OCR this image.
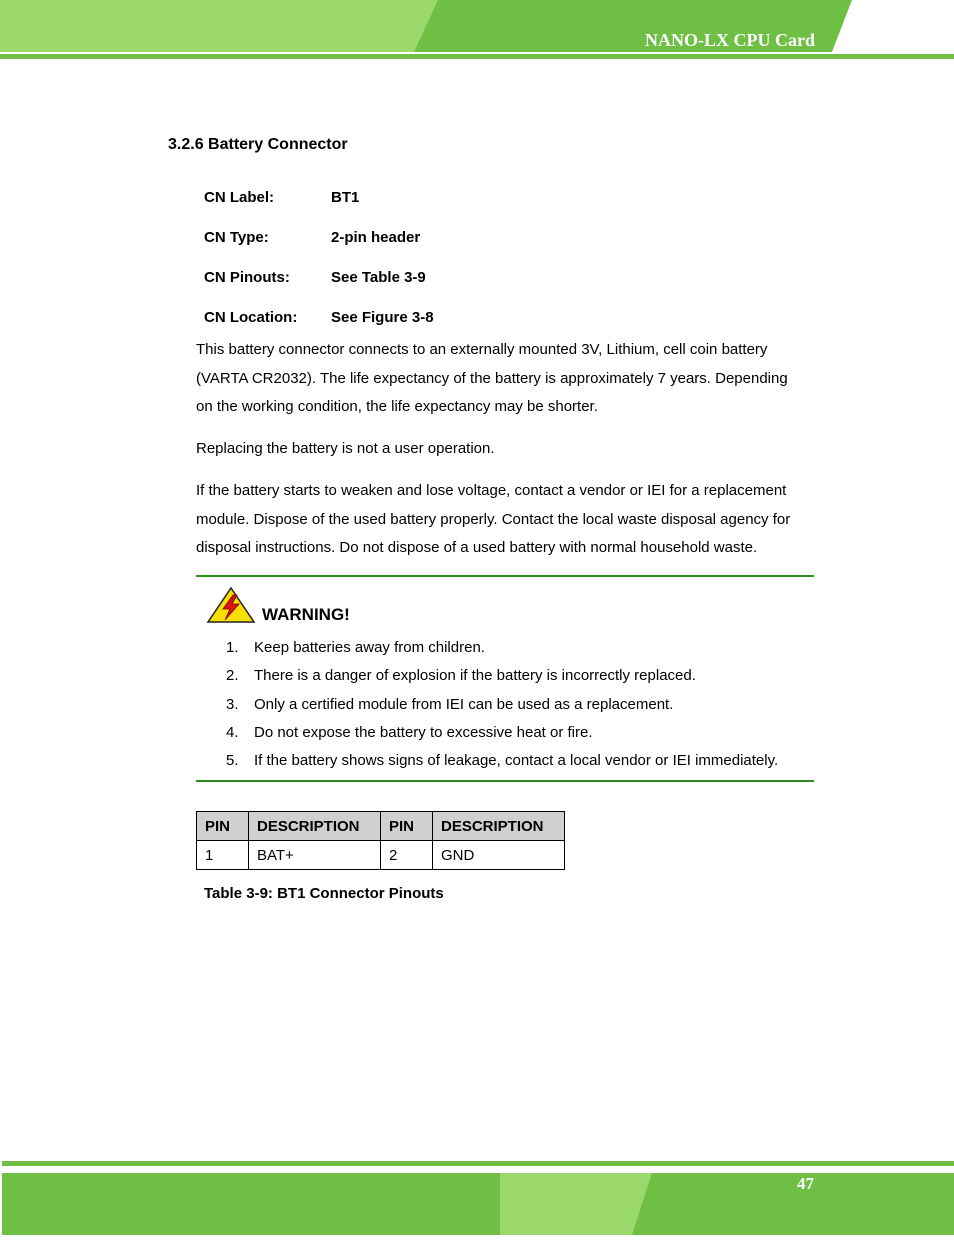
NANO-LX CPU Card
3.2.6 Battery Connector
CN Label:	BT1
CN Type:	2-pin header
CN Pinouts:	See Table 3-9
CN Location: See Figure 3-8
This battery connector connects to an externally mounted 3V, Lithium, cell coin battery
(VARTA CR2032). The life expectancy of the battery is approximately 7 years. Depending
on the working condition, the life expectancy may be shorter.
Replacing the battery is not a user operation.
If the battery starts to weaken and lose voltage, contact a vendor or IEI for a replacement
module. Dispose of the used battery properly. Contact the local waste disposal agency for
disposal instructions. Do not dispose of a used battery with normal household waste.
WARNING!
1. Keep batteries away from children.
2. There is a danger of explosion if the battery is incorrectly replaced.
3. Only a certified module from IEI can be used as a replacement.
4. Do not expose the battery to excessive heat or fire.
5. If the battery shows signs of leakage, contact a local vendor or IEI immediately.
PIN	DESCRIPTION	PIN	DESCRIPTION
1	BAT+	2	GND
Table 3-9: BT1 Connector Pinouts
47
